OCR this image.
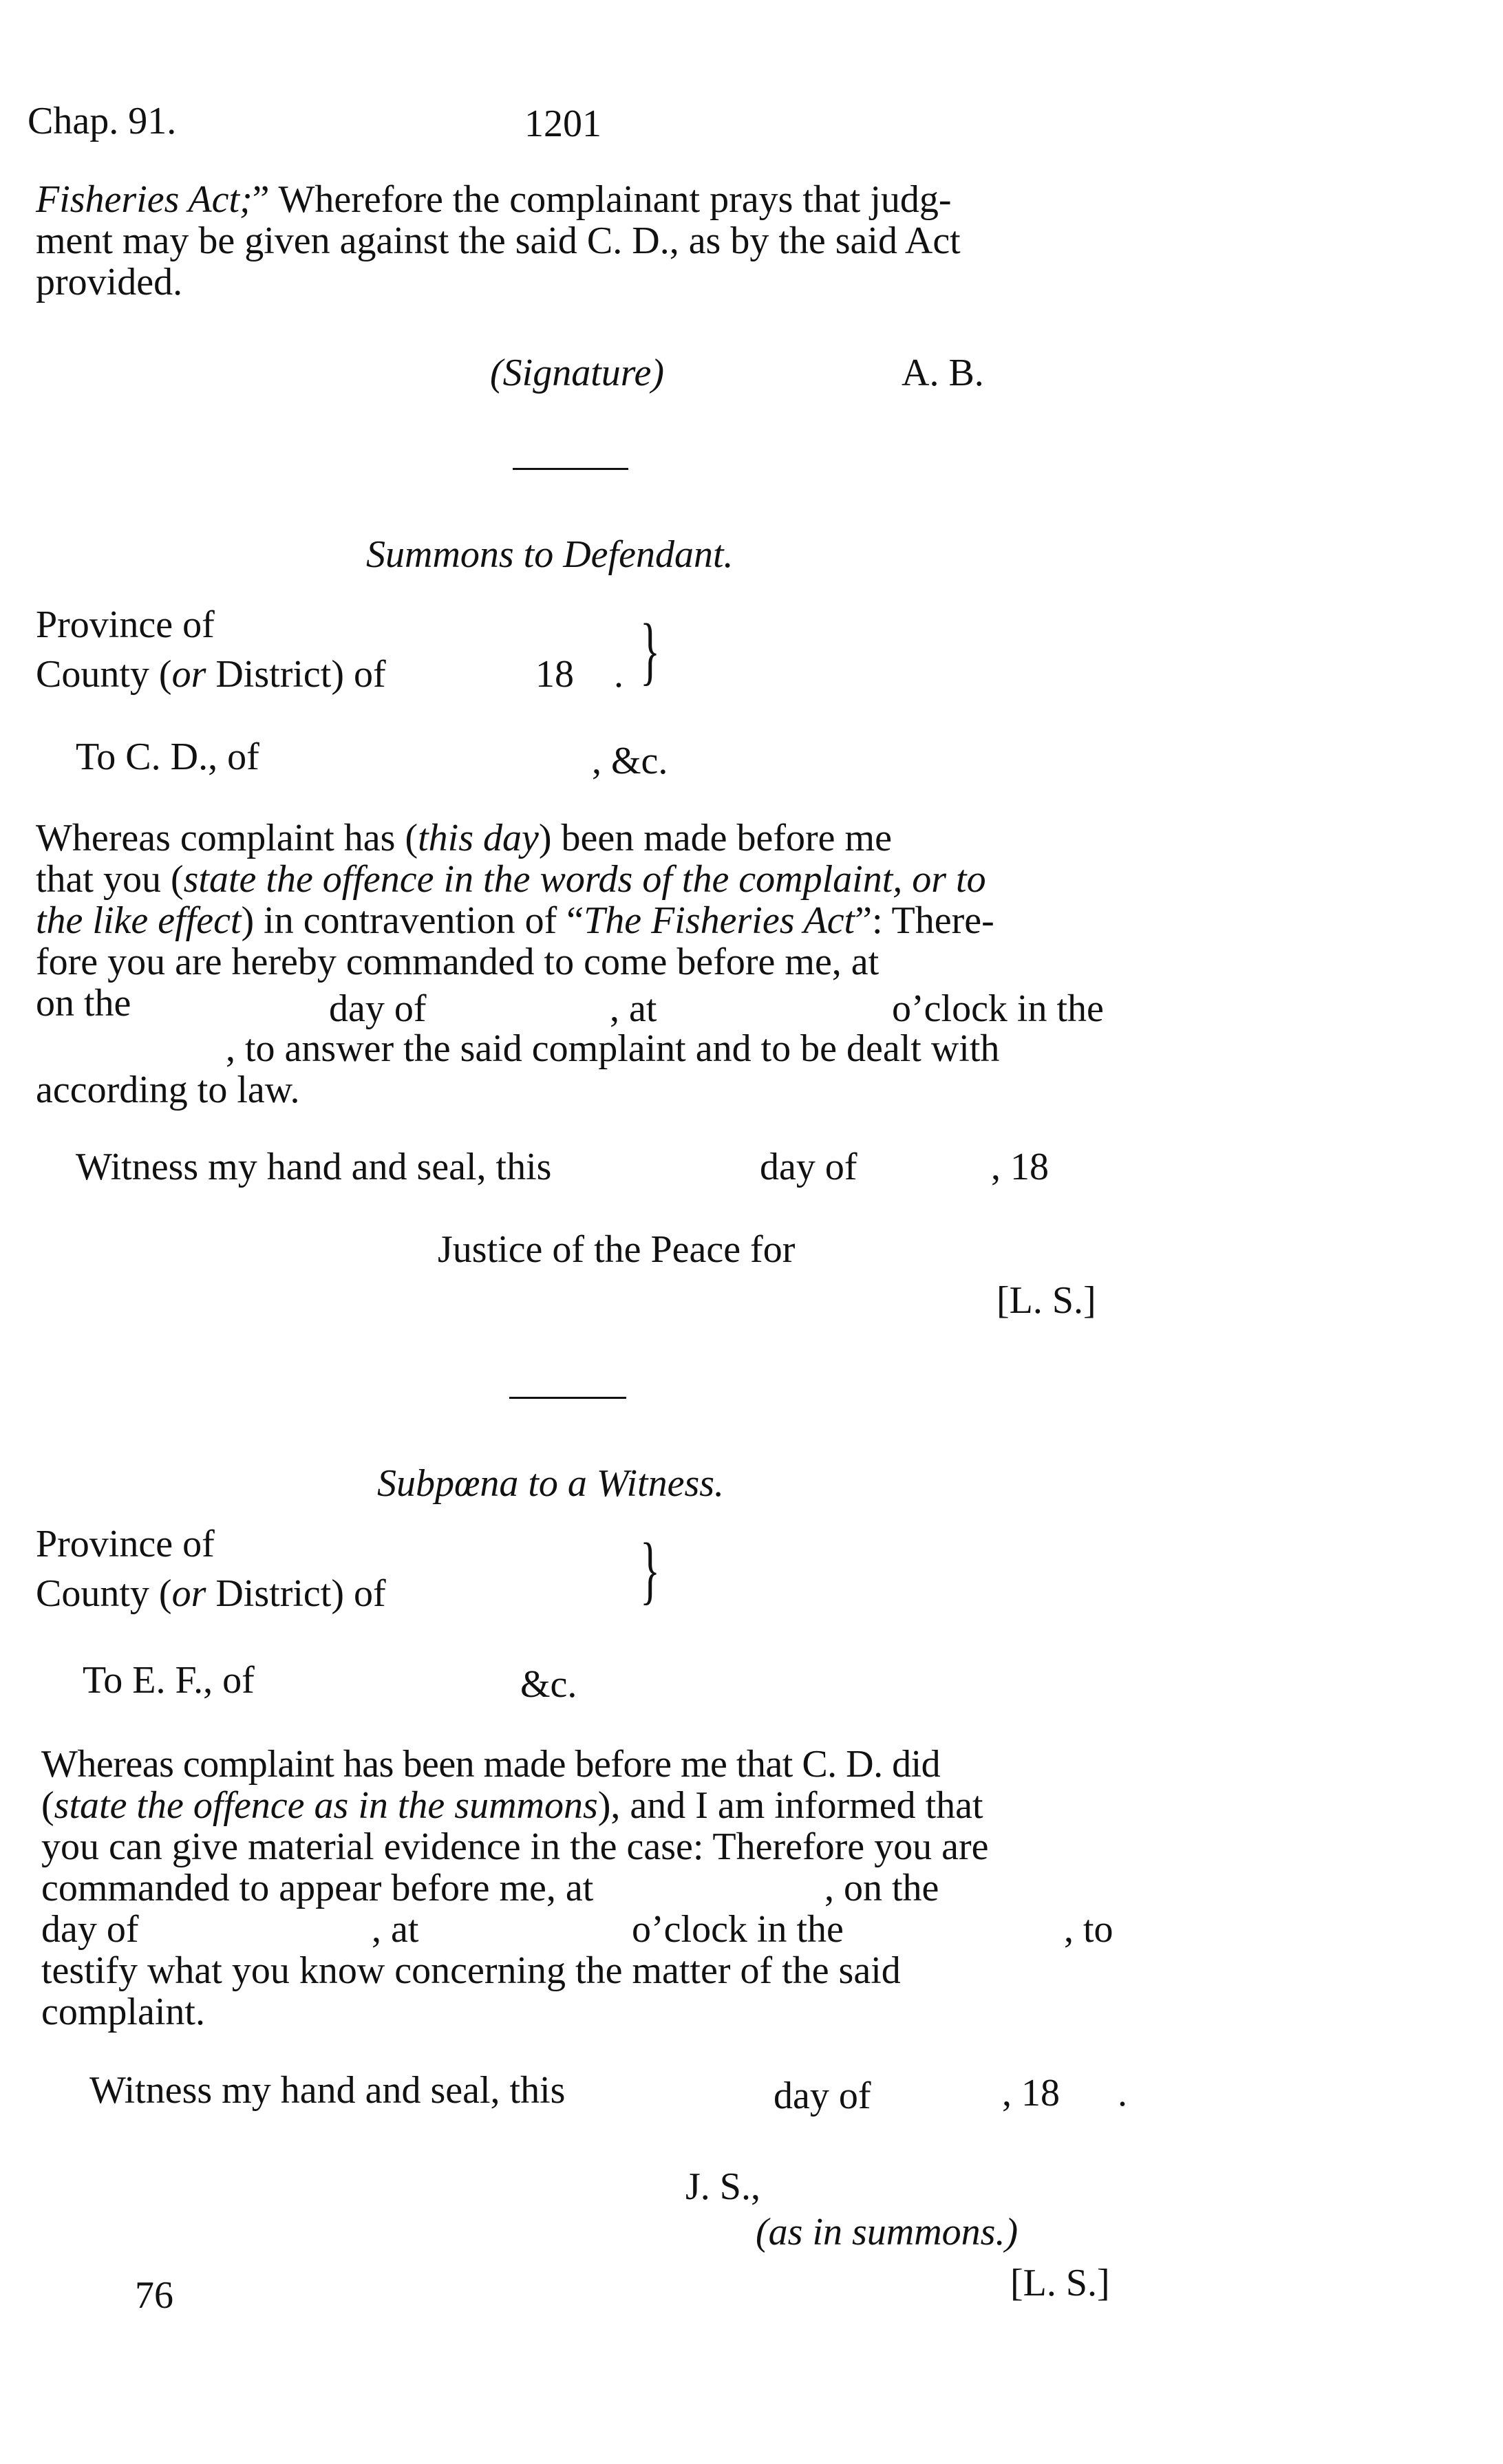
Chap. 91.	1201
Fisheries Act;” Wherefore the complainant prays that judg-
ment may be given against the said C. D., as by the said Act
provided.
(Signature)	A. B.
Summons to Defendant.
Province of
County (or District) of	18 . }
To C. D., of	, &c.
Whereas complaint has (this day) been made before me
that you (state the offence in the words of the complaint, or to
the like effect) in contravention of “The Fisheries Act”: There-
fore you are hereby commanded to come before me, at
on the	day of	, at	o’clock in the
, to answer the said complaint and to be dealt with
according to law.
Witness my hand and seal, this	day of	, 18
Justice of the Peace for
[L. S.]
Subpœna to a Witness.
Province of
County (or District) of	}
To E. F., of	&c.
Whereas complaint has been made before me that C. D. did
(state the offence as in the summons), and I am informed that
you can give material evidence in the case: Therefore you are
commanded to appear before me, at	, on the
day of	, at	o’clock in the	, to
testify what you know concerning the matter of the said
complaint.
Witness my hand and seal, this	day of	, 18 .
J. S.,
(as in summons.)
[L. S.]
76
